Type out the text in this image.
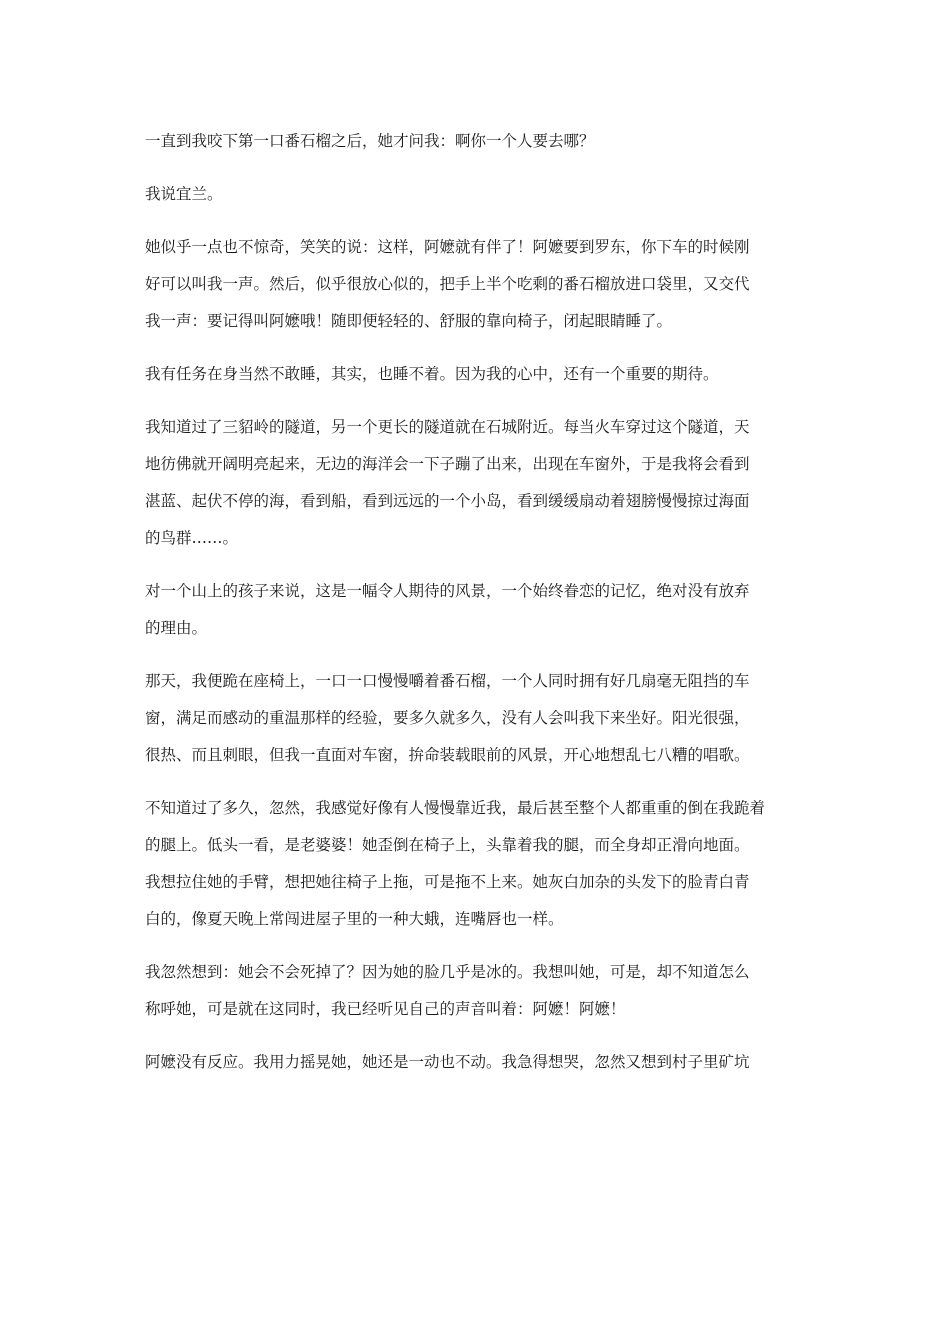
一直到我咬下第一口番石榴之后，她才问我：啊你一个人要去哪？

我说宜兰。

她似乎一点也不惊奇，笑笑的说：这样，阿嬷就有伴了！阿嬷要到罗东，你下车的时候刚
好可以叫我一声。然后，似乎很放心似的，把手上半个吃剩的番石榴放进口袋里，又交代
我一声：要记得叫阿嬷哦！随即便轻轻的、舒服的靠向椅子，闭起眼睛睡了。

我有任务在身当然不敢睡，其实，也睡不着。因为我的心中，还有一个重要的期待。

我知道过了三貂岭的隧道，另一个更长的隧道就在石城附近。每当火车穿过这个隧道，天
地彷佛就开阔明亮起来，无边的海洋会一下子蹦了出来，出现在车窗外，于是我将会看到
湛蓝、起伏不停的海，看到船，看到远远的一个小岛，看到缓缓扇动着翅膀慢慢掠过海面
的鸟群……。

对一个山上的孩子来说，这是一幅令人期待的风景，一个始终眷恋的记忆，绝对没有放弃
的理由。

那天，我便跪在座椅上，一口一口慢慢嚼着番石榴，一个人同时拥有好几扇毫无阻挡的车
窗，满足而感动的重温那样的经验，要多久就多久，没有人会叫我下来坐好。阳光很强，
很热、而且刺眼，但我一直面对车窗，拚命装载眼前的风景，开心地想乱七八糟的唱歌。

不知道过了多久，忽然，我感觉好像有人慢慢靠近我，最后甚至整个人都重重的倒在我跪着
的腿上。低头一看，是老婆婆！她歪倒在椅子上，头靠着我的腿，而全身却正滑向地面。
我想拉住她的手臂，想把她往椅子上拖，可是拖不上来。她灰白加杂的头发下的脸青白青
白的，像夏天晚上常闯进屋子里的一种大蛾，连嘴唇也一样。

我忽然想到：她会不会死掉了？因为她的脸几乎是冰的。我想叫她，可是，却不知道怎么
称呼她，可是就在这同时，我已经听见自己的声音叫着：阿嬷！阿嬷！

阿嬷没有反应。我用力摇晃她，她还是一动也不动。我急得想哭，忽然又想到村子里矿坑
